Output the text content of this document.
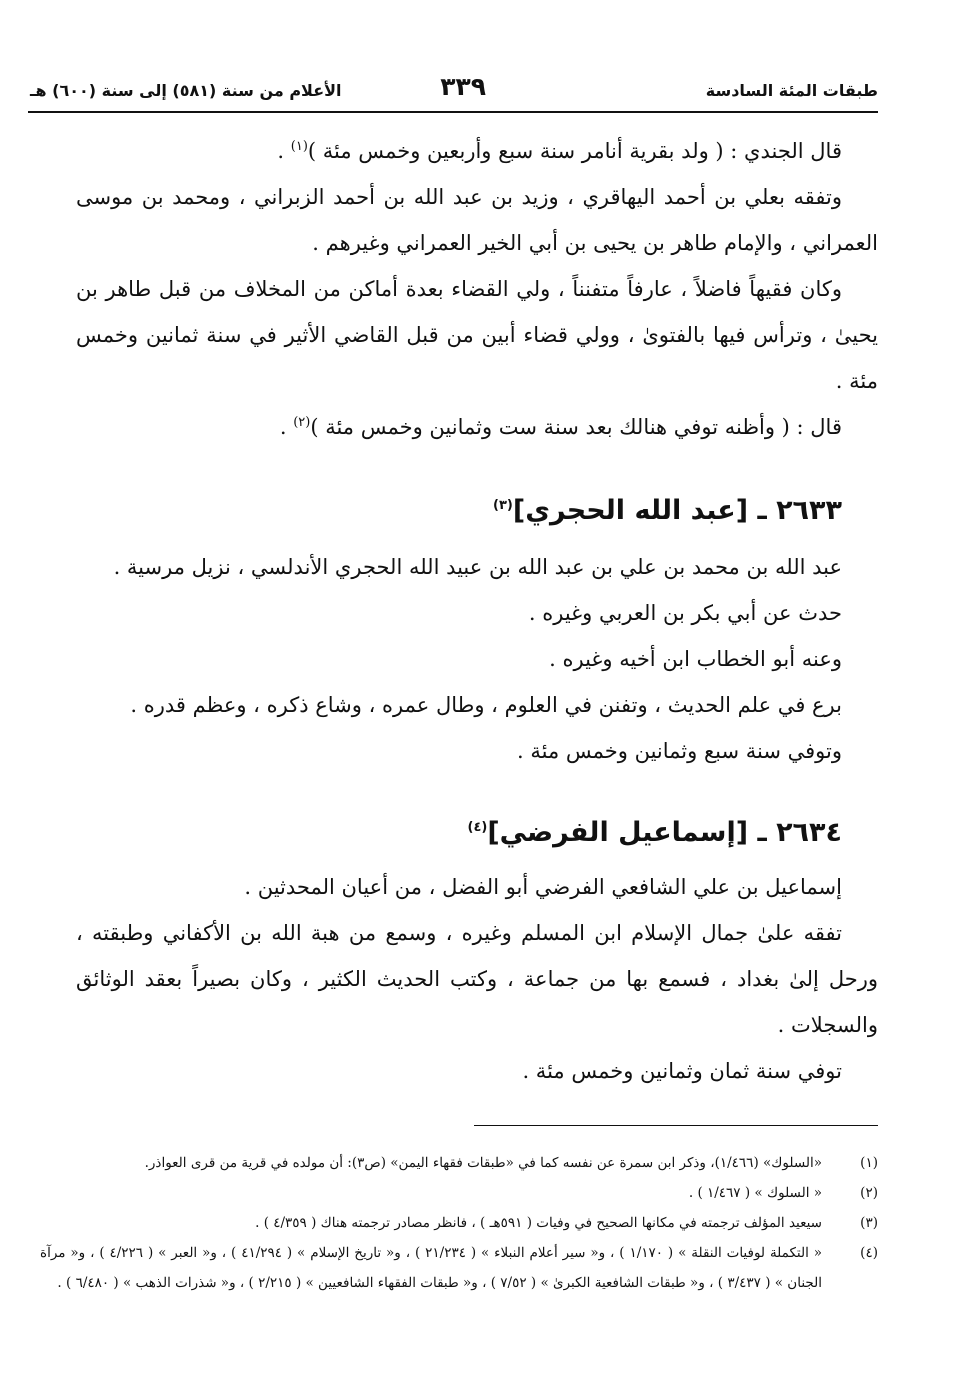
طبقات المئة السادسة
٣٣٩
الأعلام من سنة (٥٨١) إلى سنة (٦٠٠) هـ

قال الجندي : ( ولد بقرية أنامر سنة سبع وأربعين وخمس مئة )$^{(١)}$ .

وتفقه بعلي بن أحمد اليهاقري ، وزيد بن عبد الله بن أحمد الزبراني ، ومحمد بن موسى العمراني ، والإمام طاهر بن يحيى بن أبي الخير العمراني وغيرهم .

وكان فقيهاً فاضلاً ، عارفاً متفنناً ، ولي القضاء بعدة أماكن من المخلاف من قبل طاهر بن يحيىٰ ، وترأس فيها بالفتوىٰ ، وولي قضاء أبين من قبل القاضي الأثير في سنة ثمانين وخمس مئة .

قال : ( وأظنه توفي هنالك بعد سنة ست وثمانين وخمس مئة )$^{(٢)}$ .

٢٦٣٣ ـ [عبد الله الحجري]$^{(٣)}$

عبد الله بن محمد بن علي بن عبد الله بن عبيد الله الحجري الأندلسي ، نزيل مرسية .

حدث عن أبي بكر بن العربي وغيره .

وعنه أبو الخطاب ابن أخيه وغيره .

برع في علم الحديث ، وتفنن في العلوم ، وطال عمره ، وشاع ذكره ، وعظم قدره .

وتوفي سنة سبع وثمانين وخمس مئة .

٢٦٣٤ ـ [إسماعيل الفرضي]$^{(٤)}$

إسماعيل بن علي الشافعي الفرضي أبو الفضل ، من أعيان المحدثين .

تفقه علىٰ جمال الإسلام ابن المسلم وغيره ، وسمع من هبة الله بن الأكفاني وطبقته ، ورحل إلىٰ بغداد ، فسمع بها من جماعة ، وكتب الحديث الكثير ، وكان بصيراً بعقد الوثائق والسجلات .

توفي سنة ثمان وثمانين وخمس مئة .

(١)
«السلوك» (١/٤٦٦)، وذكر ابن سمرة عن نفسه كما في «طبقات فقهاء اليمن» (ص٣): أن مولده في قرية من قرى العواذر.
(٢)
« السلوك » ( ١/٤٦٧ ) .
(٣)
سيعيد المؤلف ترجمته في مكانها الصحيح في وفيات ( ٥٩١هـ ) ، فانظر مصادر ترجمته هناك ( ٤/٣٥٩ ) .
(٤)
« التكملة لوفيات النقلة » ( ١/١٧٠ ) ، و« سير أعلام النبلاء » ( ٢١/٢٣٤ ) ، و« تاريخ الإسلام » ( ٤١/٢٩٤ ) ، و« العبر » ( ٤/٢٢٦ ) ، و« مرآة الجنان » ( ٣/٤٣٧ ) ، و« طبقات الشافعية الكبرىٰ » ( ٧/٥٢ ) ، و« طبقات الفقهاء الشافعيين » ( ٢/٢١٥ ) ، و« شذرات الذهب » ( ٦/٤٨٠ ) .
